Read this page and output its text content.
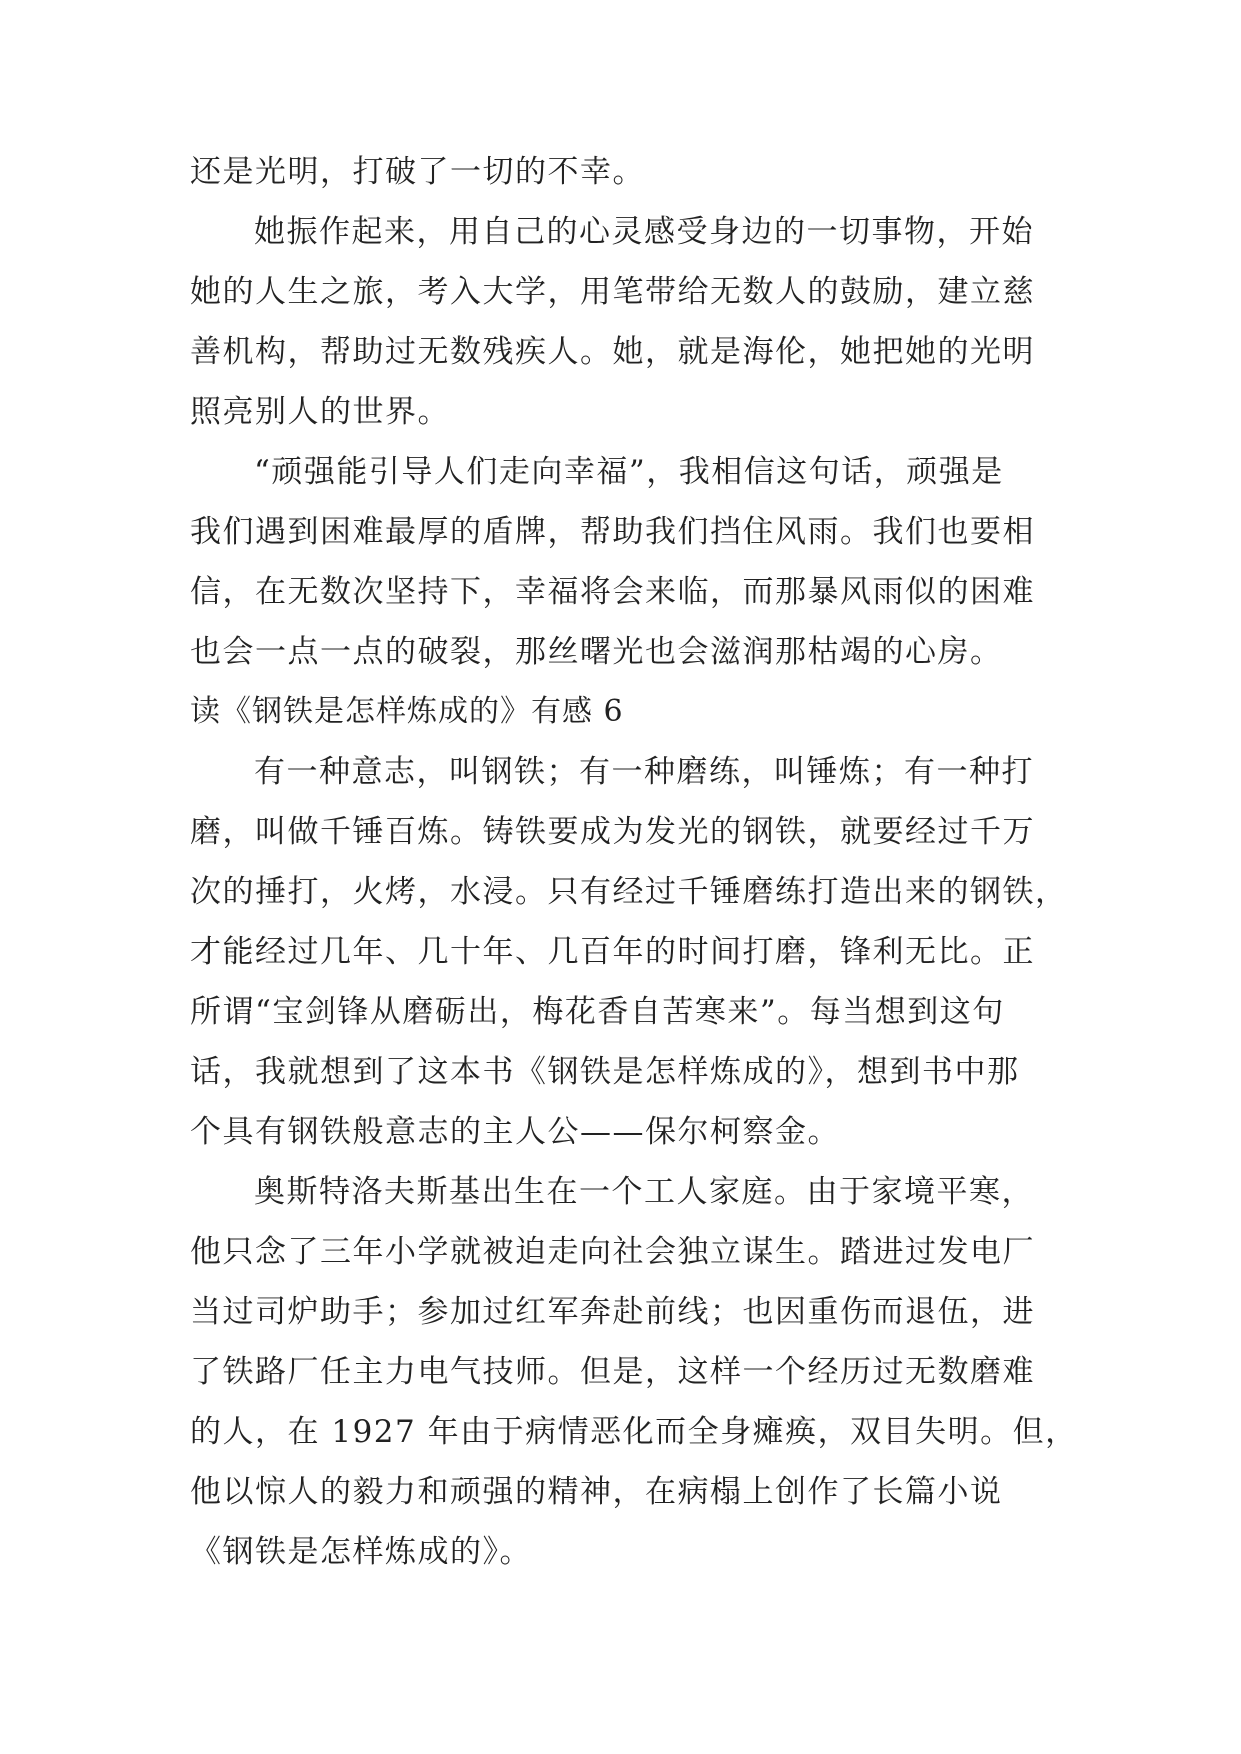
还是光明，打破了一切的不幸。
她振作起来，用自己的心灵感受身边的一切事物，开始
她的人生之旅，考入大学，用笔带给无数人的鼓励，建立慈
善机构，帮助过无数残疾人。她，就是海伦，她把她的光明
照亮别人的世界。
“顽强能引导人们走向幸福”，我相信这句话，顽强是
我们遇到困难最厚的盾牌，帮助我们挡住风雨。我们也要相
信，在无数次坚持下，幸福将会来临，而那暴风雨似的困难
也会一点一点的破裂，那丝曙光也会滋润那枯竭的心房。
读《钢铁是怎样炼成的》有感 6
有一种意志，叫钢铁；有一种磨练，叫锤炼；有一种打
磨，叫做千锤百炼。铸铁要成为发光的钢铁，就要经过千万
次的捶打，火烤，水浸。只有经过千锤磨练打造出来的钢铁，
才能经过几年、几十年、几百年的时间打磨，锋利无比。正
所谓“宝剑锋从磨砺出，梅花香自苦寒来”。每当想到这句
话，我就想到了这本书《钢铁是怎样炼成的》，想到书中那
个具有钢铁般意志的主人公——保尔柯察金。
奥斯特洛夫斯基出生在一个工人家庭。由于家境平寒，
他只念了三年小学就被迫走向社会独立谋生。踏进过发电厂
当过司炉助手；参加过红军奔赴前线；也因重伤而退伍，进
了铁路厂任主力电气技师。但是，这样一个经历过无数磨难
的人，在 1927 年由于病情恶化而全身瘫痪，双目失明。但，
他以惊人的毅力和顽强的精神，在病榻上创作了长篇小说
《钢铁是怎样炼成的》。
